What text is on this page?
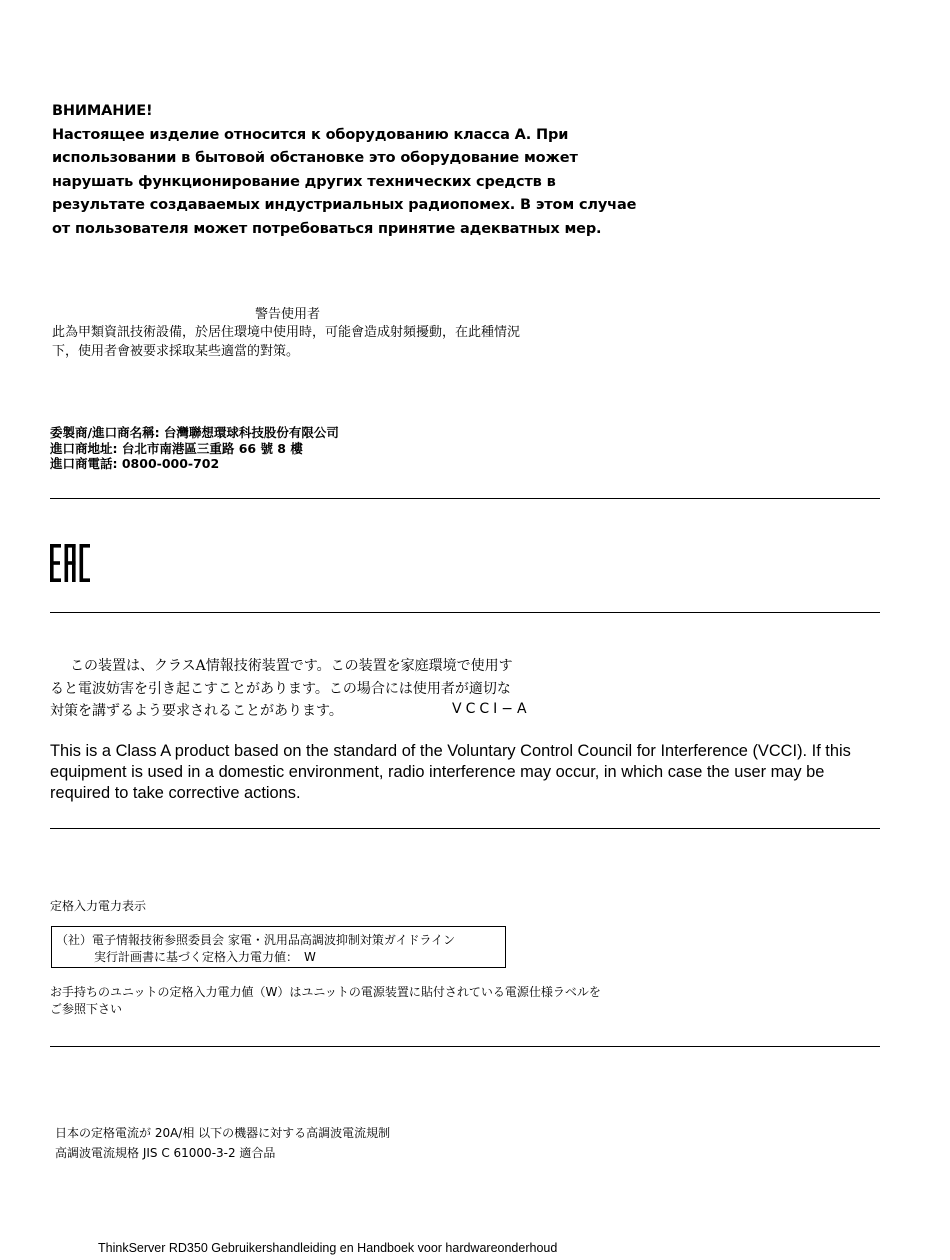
ВНИМАНИЕ!
Настоящее изделие относится к оборудованию класса А. При
использовании в бытовой обстановке это оборудование может
нарушать функционирование других технических средств в
результате создаваемых индустриальных радиопомех. В этом случае
от пользователя может потребоваться принятие адекватных мер.
警告使用者
此為甲類資訊技術設備，於居住環境中使用時，可能會造成射頻擾動，在此種情況
下，使用者會被要求採取某些適當的對策。
委製商/進口商名稱: 台灣聯想環球科技股份有限公司
進口商地址: 台北市南港區三重路 66 號 8 樓
進口商電話: 0800-000-702
この装置は、クラスA情報技術装置です。この装置を家庭環境で使用す
ると電波妨害を引き起こすことがあります。この場合には使用者が適切な
対策を講ずるよう要求されることがあります。	VCCI−A
This is a Class A product based on the standard of the Voluntary Control Council for Interference (VCCI). If this equipment is used in a domestic environment, radio interference may occur, in which case the user may be required to take corrective actions.
定格入力電力表示
（社）電子情報技術参照委員会 家電・汎用品高調波抑制対策ガイドライン
実行計画書に基づく定格入力電力値：　W
お手持ちのユニットの定格入力電力値（W）はユニットの電源装置に貼付されている電源仕様ラベルを
ご参照下さい
日本の定格電流が 20A/相 以下の機器に対する高調波電流規制
高調波電流規格 JIS C 61000-3-2 適合品
ThinkServer RD350 Gebruikershandleiding en Handboek voor hardwareonderhoud
